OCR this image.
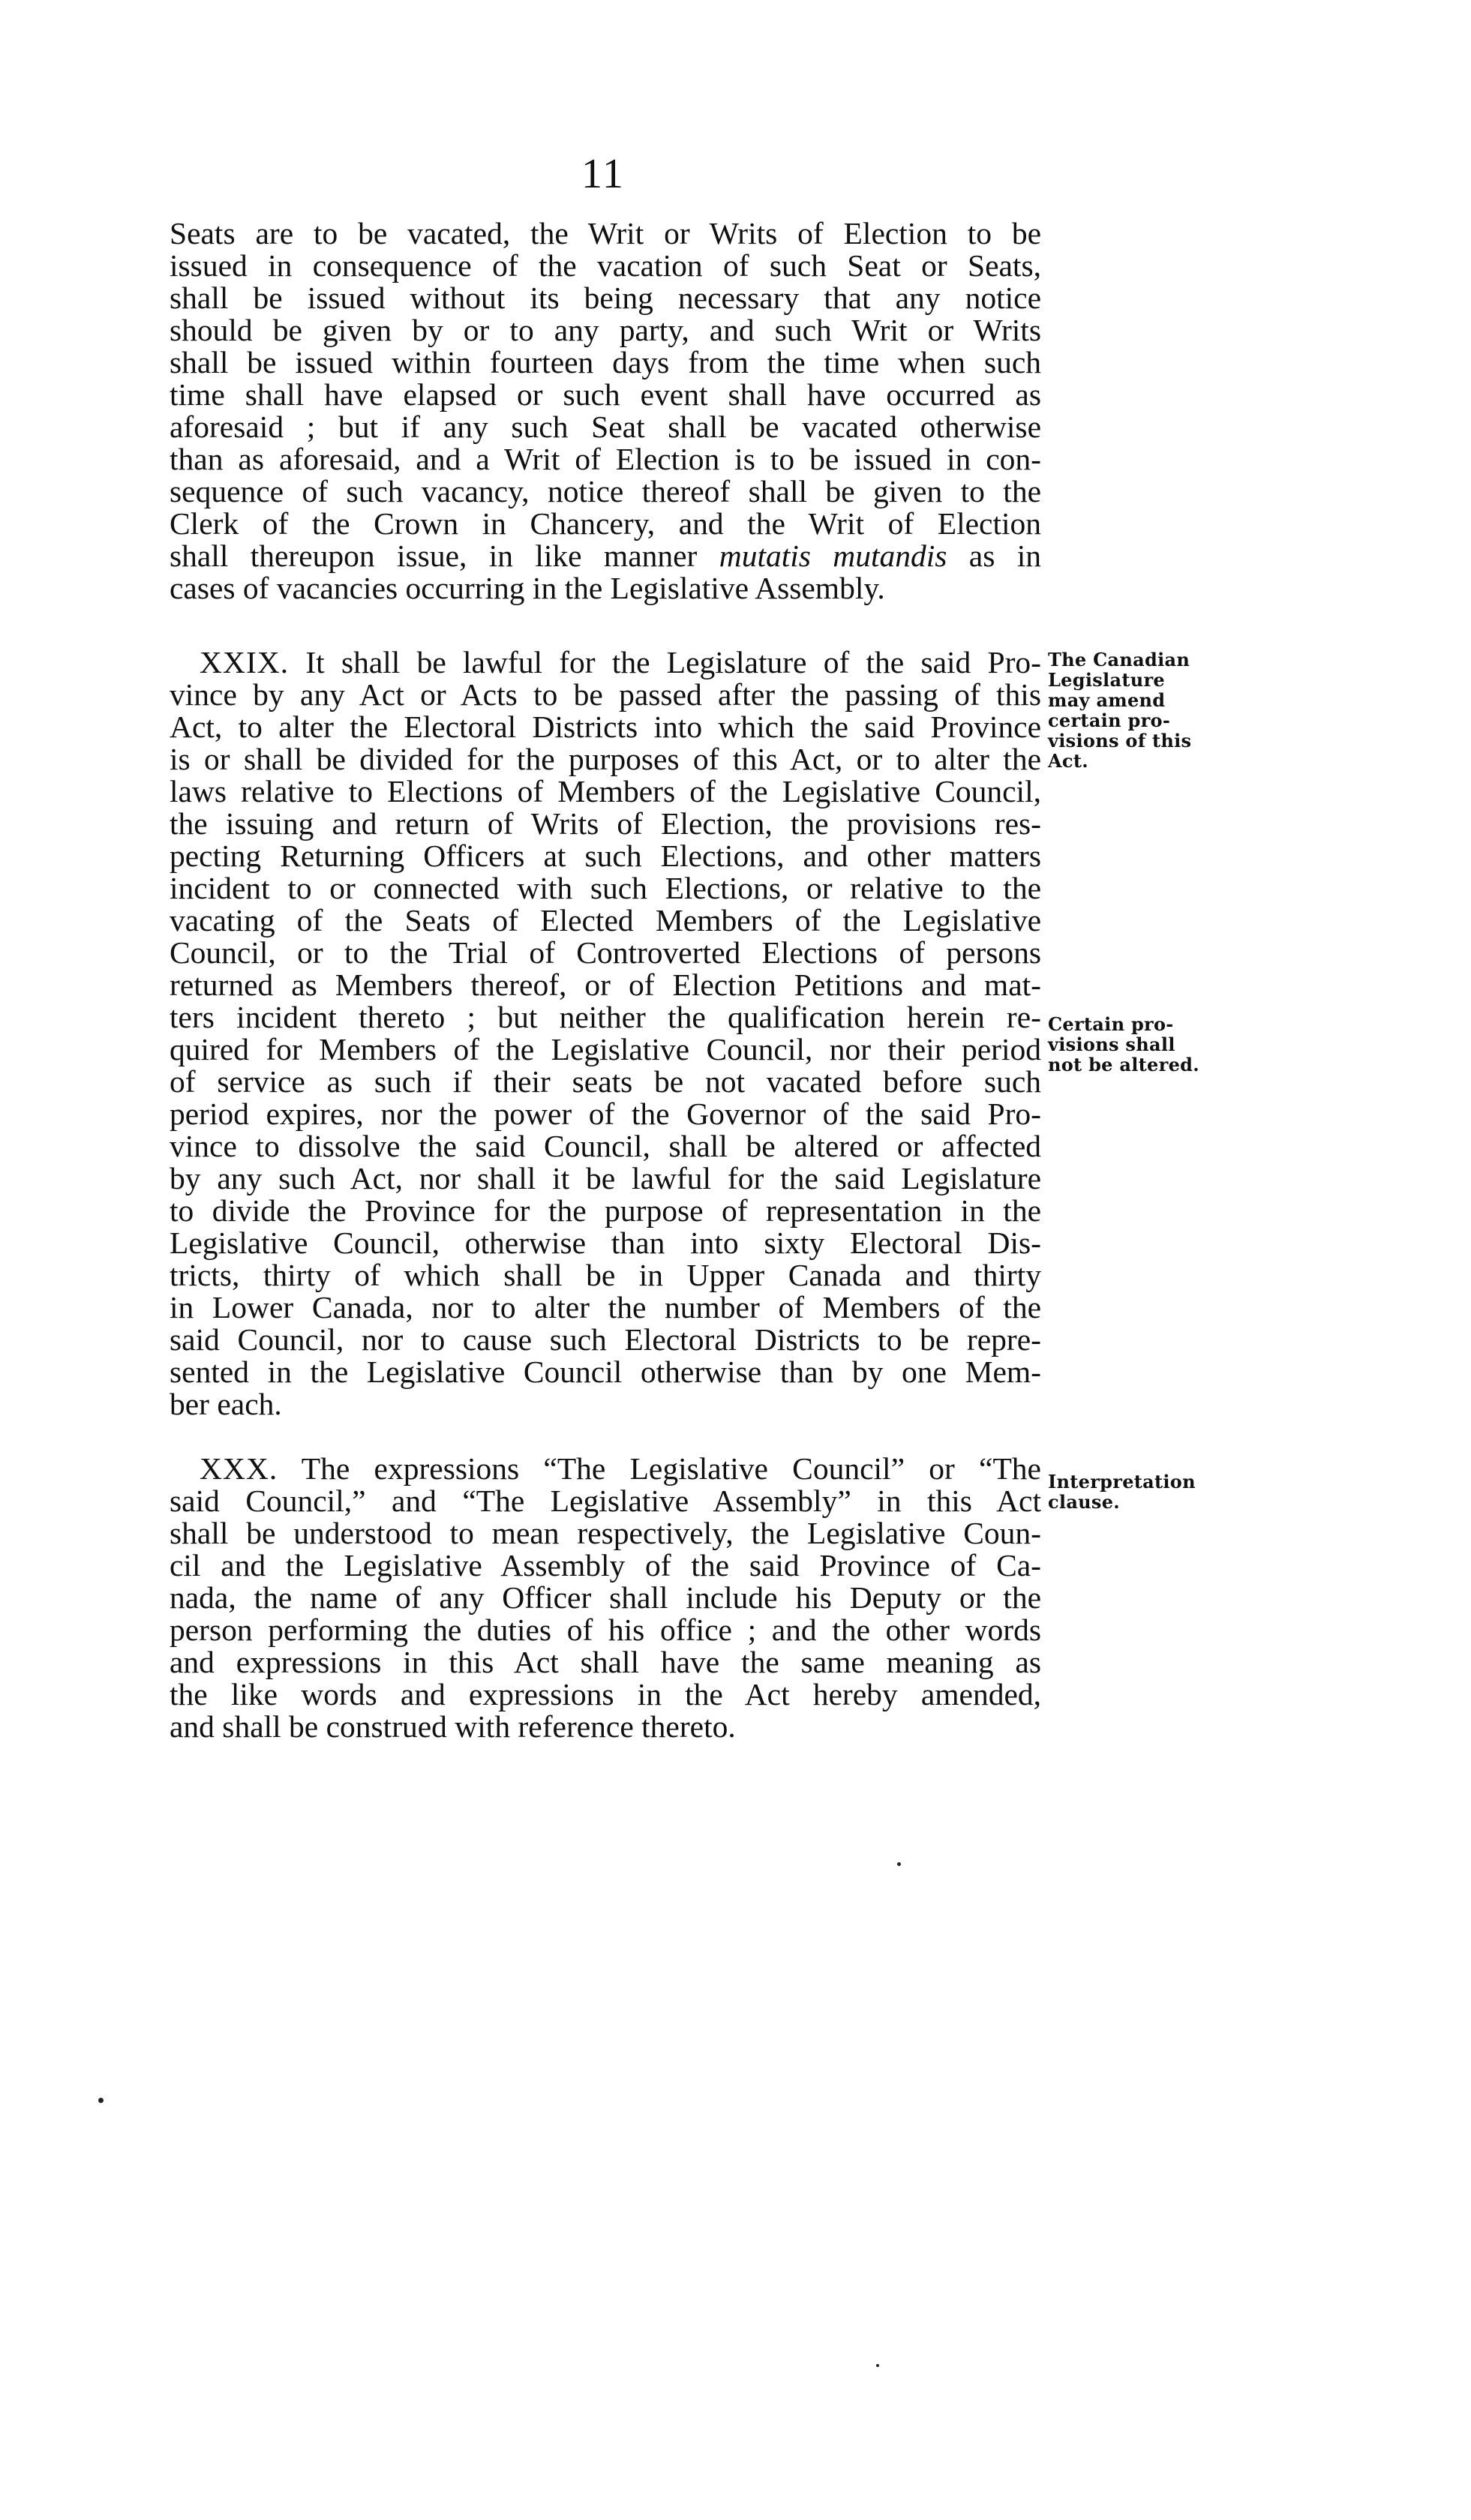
11
Seats are to be vacated, the Writ or Writs of Election to be
issued in consequence of the vacation of such Seat or Seats,
shall be issued without its being necessary that any notice
should be given by or to any party, and such Writ or Writs
shall be issued within fourteen days from the time when such
time shall have elapsed or such event shall have occurred as
aforesaid ; but if any such Seat shall be vacated otherwise
than as aforesaid, and a Writ of Election is to be issued in con-
sequence of such vacancy, notice thereof shall be given to the
Clerk of the Crown in Chancery, and the Writ of Election
shall thereupon issue, in like manner mutatis mutandis as in
cases of vacancies occurring in the Legislative Assembly.
XXIX. It shall be lawful for the Legislature of the said Pro-
vince by any Act or Acts to be passed after the passing of this
Act, to alter the Electoral Districts into which the said Province
is or shall be divided for the purposes of this Act, or to alter the
laws relative to Elections of Members of the Legislative Council,
the issuing and return of Writs of Election, the provisions res-
pecting Returning Officers at such Elections, and other matters
incident to or connected with such Elections, or relative to the
vacating of the Seats of Elected Members of the Legislative
Council, or to the Trial of Controverted Elections of persons
returned as Members thereof, or of Election Petitions and mat-
ters incident thereto ; but neither the qualification herein re-
quired for Members of the Legislative Council, nor their period
of service as such if their seats be not vacated before such
period expires, nor the power of the Governor of the said Pro-
vince to dissolve the said Council, shall be altered or affected
by any such Act, nor shall it be lawful for the said Legislature
to divide the Province for the purpose of representation in the
Legislative Council, otherwise than into sixty Electoral Dis-
tricts, thirty of which shall be in Upper Canada and thirty
in Lower Canada, nor to alter the number of Members of the
said Council, nor to cause such Electoral Districts to be repre-
sented in the Legislative Council otherwise than by one Mem-
ber each.
The Canadian
Legislature
may amend
certain pro-
visions of this
Act.
Certain pro-
visions shall
not be altered.
XXX. The expressions “The Legislative Council” or “The
said Council,” and “The Legislative Assembly” in this Act
shall be understood to mean respectively, the Legislative Coun-
cil and the Legislative Assembly of the said Province of Ca-
nada, the name of any Officer shall include his Deputy or the
person performing the duties of his office ; and the other words
and expressions in this Act shall have the same meaning as
the like words and expressions in the Act hereby amended,
and shall be construed with reference thereto.
Interpretation
clause.
